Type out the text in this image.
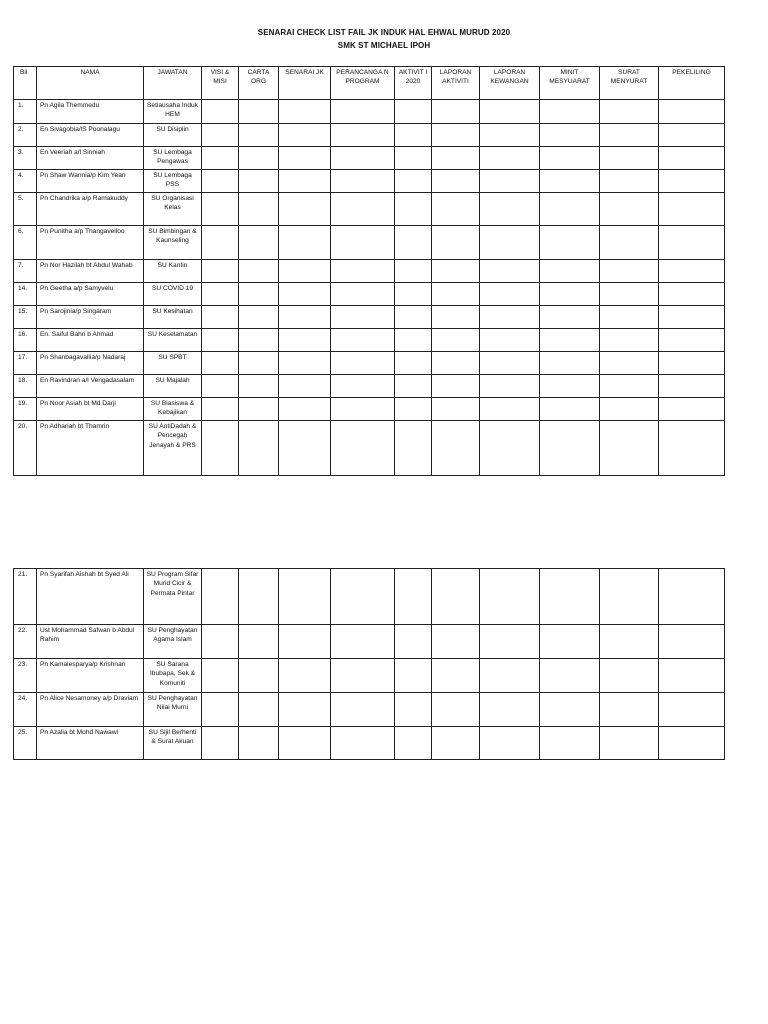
SENARAI CHECK LIST FAIL JK INDUK HAL EHWAL MURUD 2020
SMK ST MICHAEL IPOH
Bil	NAMA	JAWATAN	VISI & MISI	CARTA ORG	SENARAI JK	PERANCANGA N PROGRAM	AKTIVIT I 2020	LAPORAN AKTIVITI	LAPORAN KEWANGAN	MINIT MESYUARAT	SURAT MENYURAT	PEKELILING
1.	Pn Agila Themmedu	Setiausaha Induk HEM										
2.	En Sivagobia/lS Poonalagu	SU Disiplin										
3.	En Veeriah a/l Sinniah	SU Lembaga Pengawas										
4.	Pn Shaw Wannia/p Kim Yean	SU Lembaga PSS										
5.	Pn Chandrika a/p Ramakuddy	SU Organisasi Kelas										
6.	Pn Punitha a/p Thangavelloo	SU Bimbingan & Kaunseling										
7.	Pn Nor Hazilah bt Abdul Wahab	SU Kantin										
14.	Pn Geetha a/p Samyvelu	SU COVID 19										
15.	Pn Sarojinia/p Singaram	SU Kesihatan										
16.	En. Saiful Bahri b Ahmad	SU Keselamatan										
17.	Pn Shanbagavallia/p Nadaraj	SU SPBT										
18.	En Ravindran a/l Vengadasalam	SU Majalah										
19.	Pn Noor Asiah bt Md Darji	SU Biasiswa & Kebajikan										
20.	Pn Adhariah bt Thamrin	SU AntiDadah & Pencegah Jenayah & PRS										
21.	Pn Syarifah Aishah bt Syed Ali	SU Program Sifar Murid Cicir & Permata Pintar										
22.	Ust Mohammad Safwan b Abdul Rahim	SU Penghayatan Agama Islam										
23.	Pn Kamalesparya/p Krishnan	SU Sarana Ibubapa, Sek & Komuniti										
24.	Pn Alice Nesamoney a/p Draviam	SU Penghayatan Nilai Murni										
25.	Pn Azalia bt Mohd Nawawi	SU Sijil Berhenti & Surat Akuan										
